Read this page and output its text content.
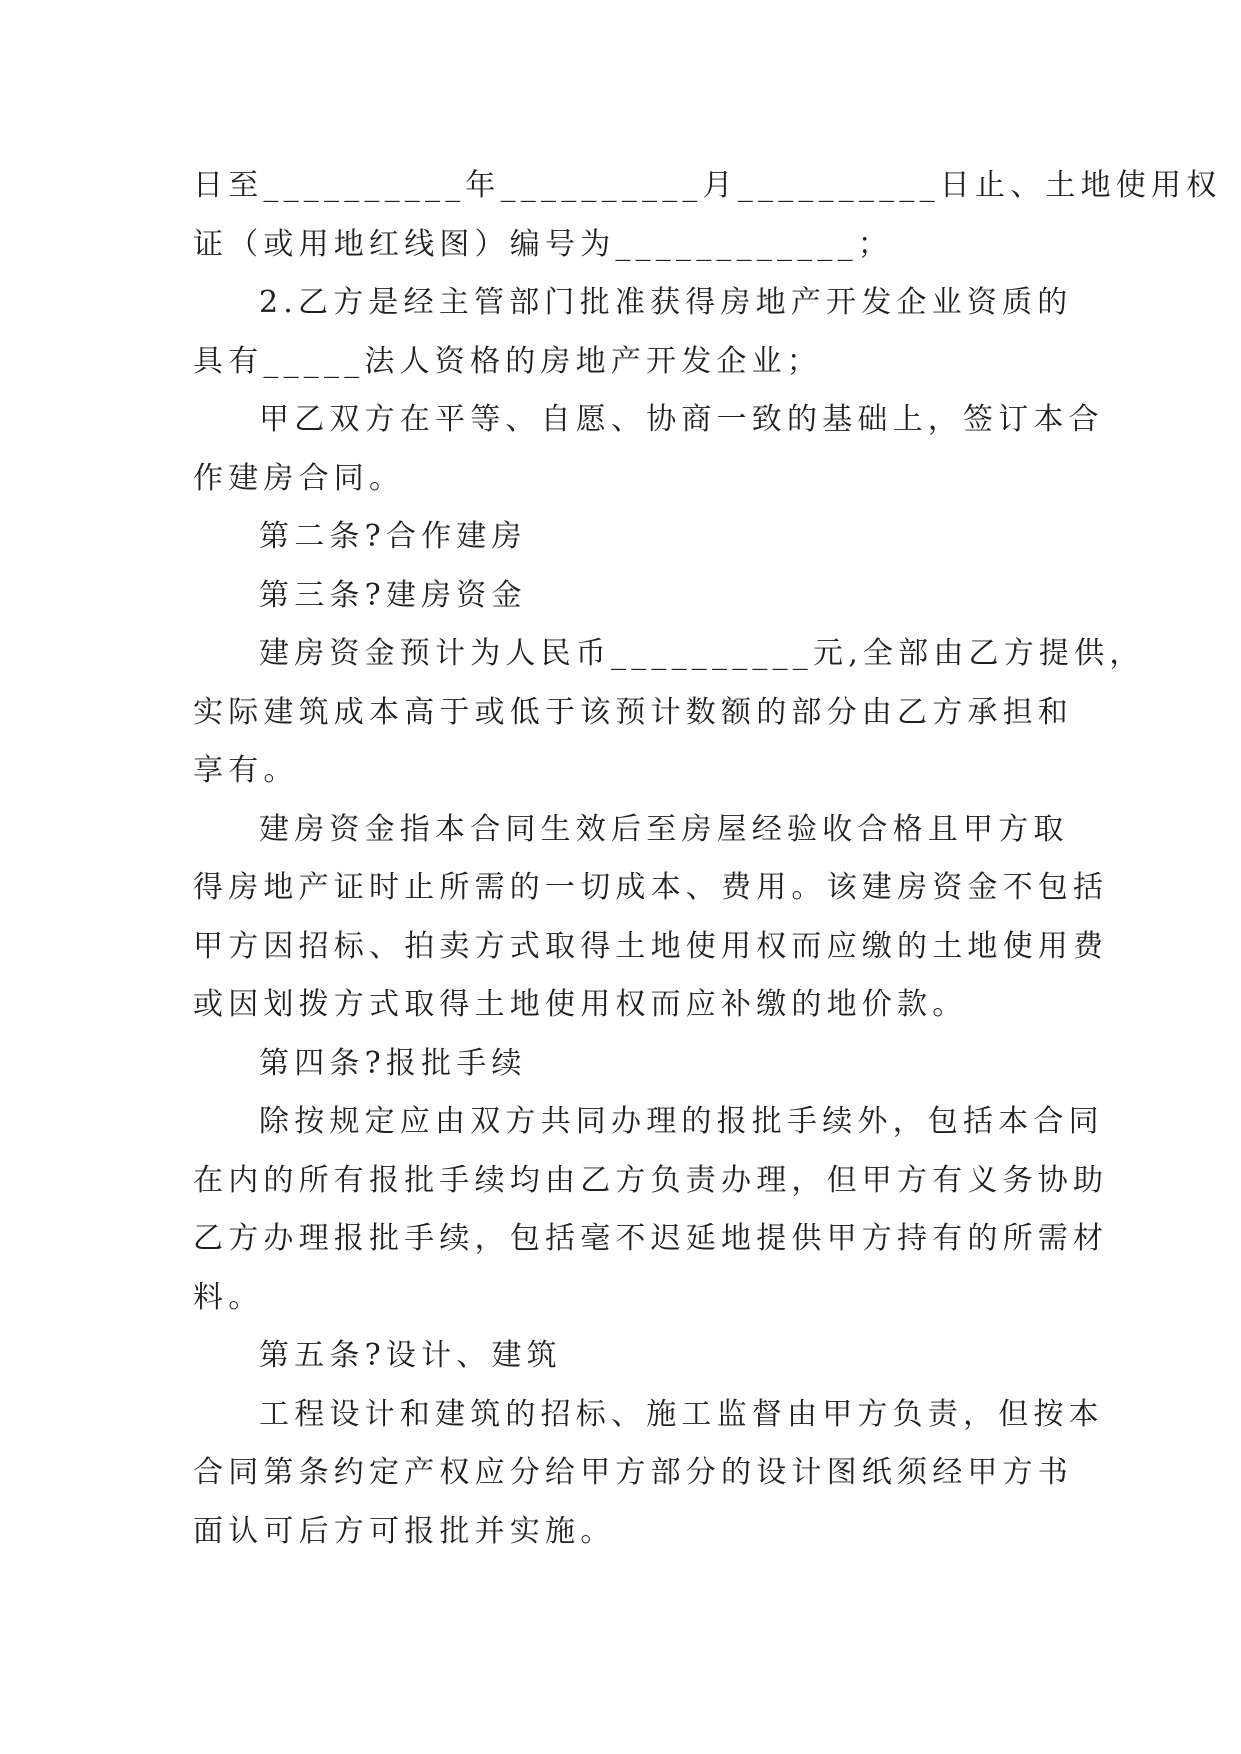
日至__________年__________月__________日止、土地使用权
证（或用地红线图）编号为____________；
2.乙方是经主管部门批准获得房地产开发企业资质的
具有_____法人资格的房地产开发企业；
甲乙双方在平等、自愿、协商一致的基础上，签订本合
作建房合同。
第二条?合作建房
第三条?建房资金
建房资金预计为人民币__________元,全部由乙方提供，
实际建筑成本高于或低于该预计数额的部分由乙方承担和
享有。
建房资金指本合同生效后至房屋经验收合格且甲方取
得房地产证时止所需的一切成本、费用。该建房资金不包括
甲方因招标、拍卖方式取得土地使用权而应缴的土地使用费
或因划拨方式取得土地使用权而应补缴的地价款。
第四条?报批手续
除按规定应由双方共同办理的报批手续外，包括本合同
在内的所有报批手续均由乙方负责办理，但甲方有义务协助
乙方办理报批手续，包括毫不迟延地提供甲方持有的所需材
料。
第五条?设计、建筑
工程设计和建筑的招标、施工监督由甲方负责，但按本
合同第条约定产权应分给甲方部分的设计图纸须经甲方书
面认可后方可报批并实施。
